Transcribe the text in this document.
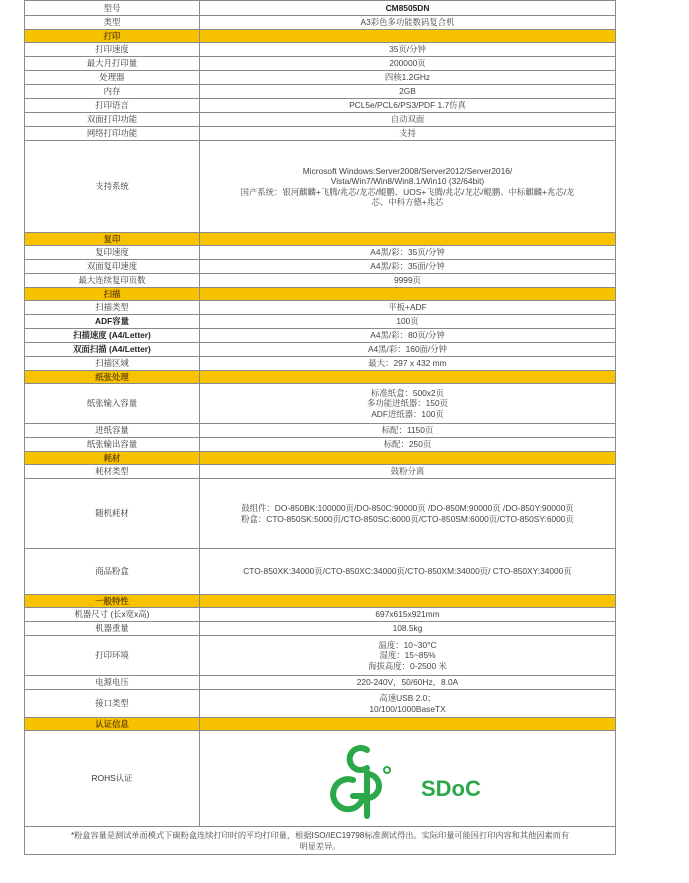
型号	CM8505DN
类型	A3彩色多功能数码复合机
打印	
打印速度	35页/分钟
最大月打印量	200000页
处理器	四核1.2GHz
内存	2GB
打印语言	PCL5e/PCL6/PS3/PDF 1.7仿真
双面打印功能	自动双面
网络打印功能	支持
支持系统	Microsoft Windows:Server2008/Server2012/Server2016/
Vista/Win7/Win8/Win8.1/Win10 (32/64bit)
国产系统：银河麒麟+飞腾/兆芯/龙芯/鲲鹏、UOS+飞腾/兆芯/龙芯/鲲鹏、中标麒麟+兆芯/龙
芯、中科方德+兆芯

复印	
复印速度	A4黑/彩：35页/分钟
双面复印速度	A4黑/彩：35面/分钟
最大连续复印页数	9999页
扫描	
扫描类型	平板+ADF
ADF容量	100页
扫描速度 (A4/Letter)	A4黑/彩：80页/分钟
双面扫描 (A4/Letter)	A4黑/彩：160面/分钟
扫描区域	最大：297 x 432 mm
纸张处理	
纸张输入容量	标准纸盒：500x2页
多功能进纸器：150页
ADF进纸器：100页

进纸容量	标配：1150页
纸张输出容量	标配：250页
耗材	
耗材类型	鼓粉分离
随机耗材	鼓组件：DO-850BK:100000页/DO-850C:90000页 /DO-850M:90000页 /DO-850Y:90000页
粉盒：CTO-850SK:5000页/CTO-850SC:6000页/CTO-850SM:6000页/CTO-850SY:6000页

商品粉盒	CTO-850XK:34000页/CTO-850XC:34000页/CTO-850XM:34000页/ CTO-850XY:34000页
一般特性	
机器尺寸 (长x宽x高)	697x615x921mm
机器重量	108.5kg
打印环境	温度：10~30°C
湿度：15~85%
海拔高度：0-2500 米

电源电压	220-240V，50/60Hz，8.0A
接口类型	高速USB 2.0；
10/100/1000BaseTX

认证信息	
ROHS认证	SDoC

*粉盒容量是测试单面模式下碳粉盒连续打印时的平均打印量，根据ISO/IEC19798标准测试得出。实际印量可能因打印内容和其他因素而有
明显差异。	
